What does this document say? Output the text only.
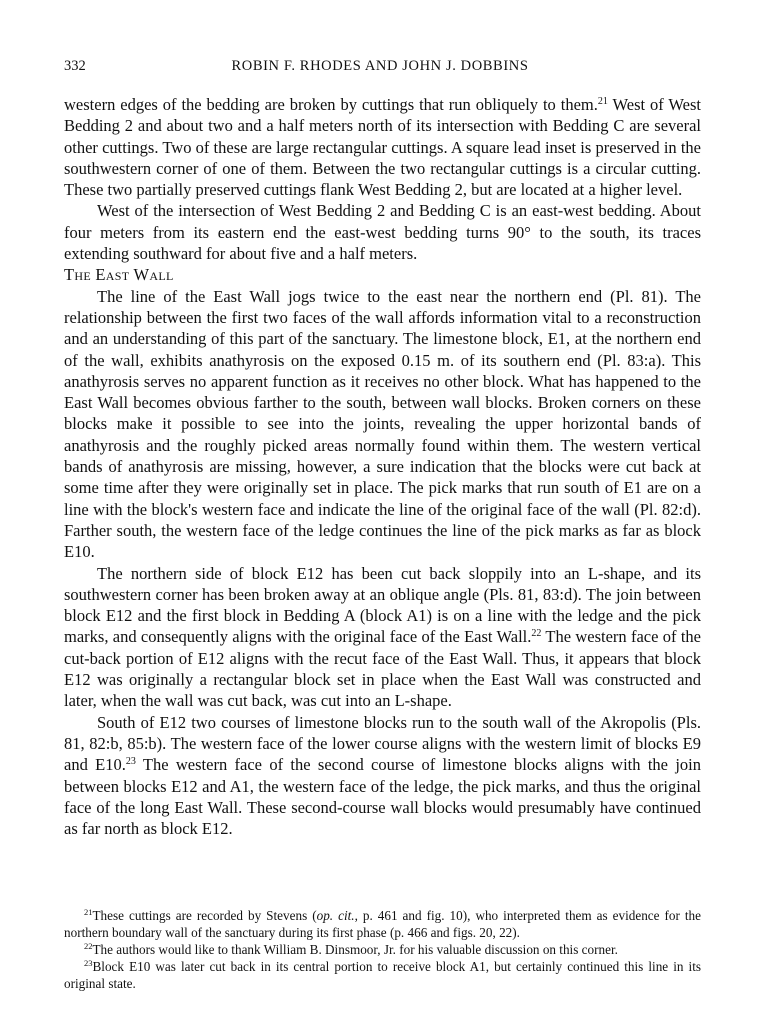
332	ROBIN F. RHODES AND JOHN J. DOBBINS

western edges of the bedding are broken by cuttings that run obliquely to them.$^{21}$ West of West Bedding 2 and about two and a half meters north of its intersection with Bedding C are several other cuttings. Two of these are large rectangular cuttings. A square lead inset is preserved in the southwestern corner of one of them. Between the two rectangular cuttings is a circular cutting. These two partially preserved cuttings flank West Bedding 2, but are located at a higher level.

West of the intersection of West Bedding 2 and Bedding C is an east-west bedding. About four meters from its eastern end the east-west bedding turns 90° to the south, its traces extending southward for about five and a half meters.

The East Wall

The line of the East Wall jogs twice to the east near the northern end (Pl. 81). The relationship between the first two faces of the wall affords information vital to a reconstruction and an understanding of this part of the sanctuary. The limestone block, E1, at the northern end of the wall, exhibits anathyrosis on the exposed 0.15 m. of its southern end (Pl. 83:a). This anathyrosis serves no apparent function as it receives no other block. What has happened to the East Wall becomes obvious farther to the south, between wall blocks. Broken corners on these blocks make it possible to see into the joints, revealing the upper horizontal bands of anathyrosis and the roughly picked areas normally found within them. The western vertical bands of anathyrosis are missing, however, a sure indication that the blocks were cut back at some time after they were originally set in place. The pick marks that run south of E1 are on a line with the block's western face and indicate the line of the original face of the wall (Pl. 82:d). Farther south, the western face of the ledge continues the line of the pick marks as far as block E10.

The northern side of block E12 has been cut back sloppily into an L-shape, and its southwestern corner has been broken away at an oblique angle (Pls. 81, 83:d). The join between block E12 and the first block in Bedding A (block A1) is on a line with the ledge and the pick marks, and consequently aligns with the original face of the East Wall.$^{22}$ The western face of the cut-back portion of E12 aligns with the recut face of the East Wall. Thus, it appears that block E12 was originally a rectangular block set in place when the East Wall was constructed and later, when the wall was cut back, was cut into an L-shape.

South of E12 two courses of limestone blocks run to the south wall of the Akropolis (Pls. 81, 82:b, 85:b). The western face of the lower course aligns with the western limit of blocks E9 and E10.23 The western face of the second course of limestone blocks aligns with the join between blocks E12 and A1, the western face of the ledge, the pick marks, and thus the original face of the long East Wall. These second-course wall blocks would presumably have continued as far north as block E12.

$^{21}$These cuttings are recorded by Stevens (op. cit., p. 461 and fig. 10), who interpreted them as evidence for the northern boundary wall of the sanctuary during its first phase (p. 466 and figs. 20, 22).

$^{22}$The authors would like to thank William B. Dinsmoor, Jr. for his valuable discussion on this corner.

$^{23}$Block E10 was later cut back in its central portion to receive block A1, but certainly continued this line in its original state.
